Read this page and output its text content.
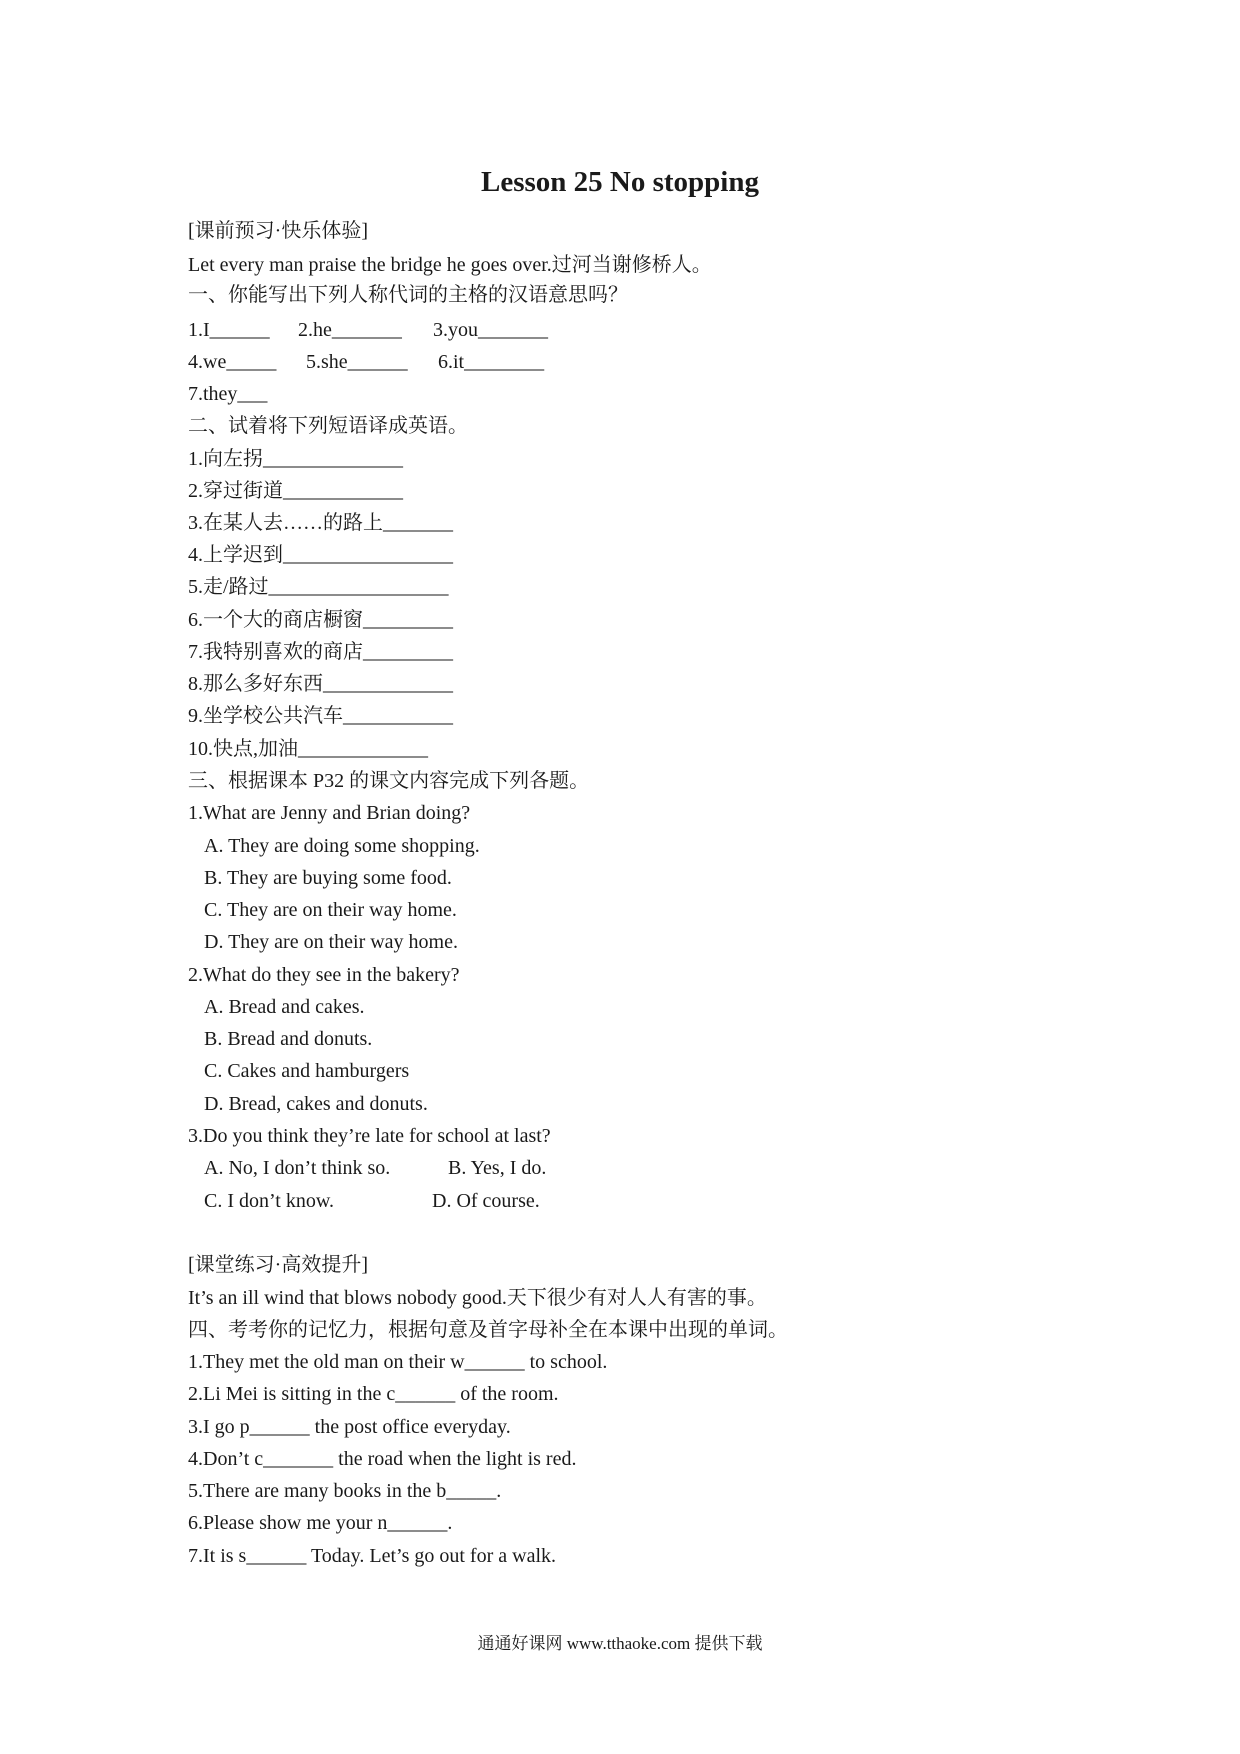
Lesson 25 No stopping
[课前预习·快乐体验]
Let every man praise the bridge he goes over.过河当谢修桥人。
一、你能写出下列人称代词的主格的汉语意思吗？
1.I______ 2.he_______ 3.you_______
4.we_____ 5.she______ 6.it________
7.they___
二、试着将下列短语译成英语。
1.向左拐______________
2.穿过街道____________
3.在某人去……的路上_______
4.上学迟到_________________
5.走/路过__________________
6.一个大的商店橱窗_________
7.我特别喜欢的商店_________
8.那么多好东西_____________
9.坐学校公共汽车___________
10.快点,加油_____________
三、根据课本 P32 的课文内容完成下列各题。
1.What are Jenny and Brian doing?
A. They are doing some shopping.
B. They are buying some food.
C. They are on their way home.
D. They are on their way home.
2.What do they see in the bakery?
A. Bread and cakes.
B. Bread and donuts.
C. Cakes and hamburgers
D. Bread, cakes and donuts.
3.Do you think they’re late for school at last?
A. No, I don’t think so.	B. Yes, I do.
C. I don’t know.	D. Of course.
[课堂练习·高效提升]
It’s an ill wind that blows nobody good.天下很少有对人人有害的事。
四、考考你的记忆力，根据句意及首字母补全在本课中出现的单词。
1.They met the old man on their w______ to school.
2.Li Mei is sitting in the c______ of the room.
3.I go p______ the post office everyday.
4.Don’t c_______ the road when the light is red.
5.There are many books in the b_____.
6.Please show me your n______.
7.It is s______ Today. Let’s go out for a walk.
通通好课网 www.tthaoke.com 提供下载
